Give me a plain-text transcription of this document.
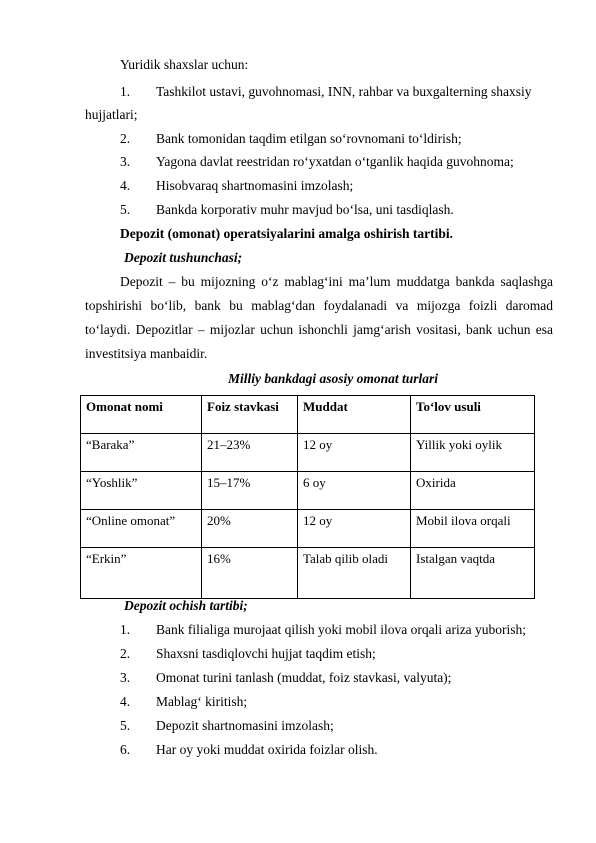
Yuridik shaxslar uchun:
1. Tashkilot ustavi, guvohnomasi, INN, rahbar va buxgalterning shaxsiy
hujjatlari;
2. Bank tomonidan taqdim etilgan so‘rovnomani to‘ldirish;
3. Yagona davlat reestridan ro‘yxatdan o‘tganlik haqida guvohnoma;
4. Hisobvaraq shartnomasini imzolash;
5. Bankda korporativ muhr mavjud bo‘lsa, uni tasdiqlash.
Depozit (omonat) operatsiyalarini amalga oshirish tartibi.
Depozit tushunchasi;
Depozit – bu mijozning o‘z mablag‘ini ma’lum muddatga bankda saqlashga topshirishi bo‘lib, bank bu mablag‘dan foydalanadi va mijozga foizli daromad to‘laydi. Depozitlar – mijozlar uchun ishonchli jamg‘arish vositasi, bank uchun esa investitsiya manbaidir.
Milliy bankdagi asosiy omonat turlari
Omonat nomi	Foiz stavkasi	Muddat	To‘lov usuli
“Baraka”	21–23%	12 oy	Yillik yoki oylik
“Yoshlik”	15–17%	6 oy	Oxirida
“Online omonat”	20%	12 oy	Mobil ilova orqali
“Erkin”	16%	Talab qilib oladi	Istalgan vaqtda
Depozit ochish tartibi;
1. Bank filialiga murojaat qilish yoki mobil ilova orqali ariza yuborish;
2. Shaxsni tasdiqlovchi hujjat taqdim etish;
3. Omonat turini tanlash (muddat, foiz stavkasi, valyuta);
4. Mablag‘ kiritish;
5. Depozit shartnomasini imzolash;
6. Har oy yoki muddat oxirida foizlar olish.
